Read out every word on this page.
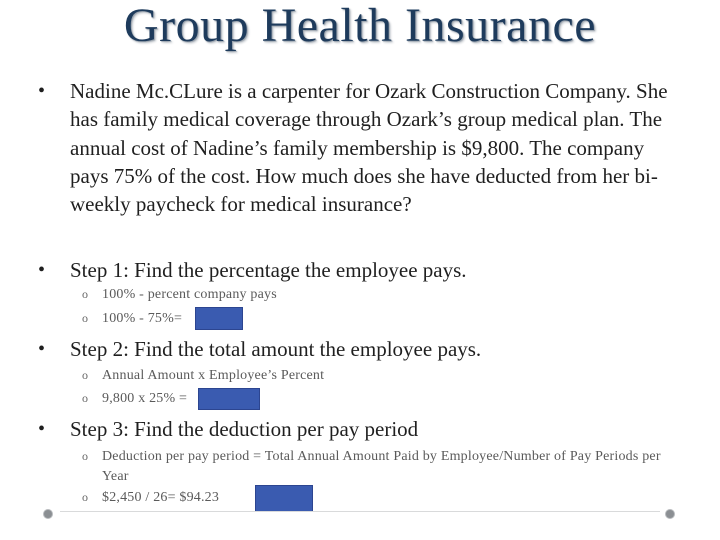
Group Health Insurance
• Nadine Mc.CLure is a carpenter for Ozark Construction Company. She has family medical coverage through Ozark’s group medical plan. The annual cost of Nadine’s family membership is $9,800. The company pays 75% of the cost. How much does she have deducted from her bi-weekly paycheck for medical insurance?
• Step 1: Find the percentage the employee pays.
o 100% - percent company pays
o 100% - 75%=
• Step 2: Find the total amount the employee pays.
o Annual Amount x Employee’s Percent
o 9,800 x 25% =
• Step 3: Find the deduction per pay period
o Deduction per pay period = Total Annual Amount Paid by Employee/Number of Pay Periods per Year
o $2,450 / 26= $94.23
